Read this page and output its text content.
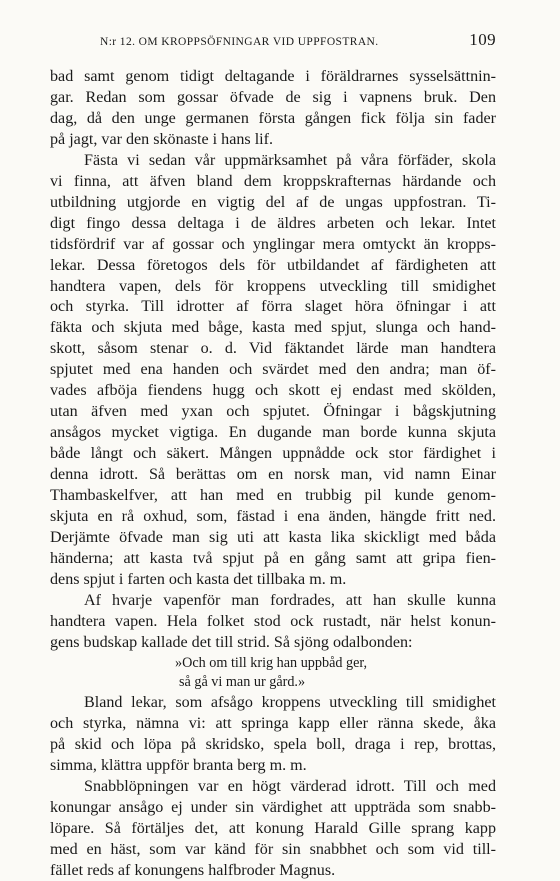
N:r 12. OM KROPPSÖFNINGAR VID UPPFOSTRAN.	109
bad samt genom tidigt deltagande i föräldrarnes sysselsättnin-
gar. Redan som gossar öfvade de sig i vapnens bruk. Den
dag, då den unge germanen första gången fick följa sin fader
på jagt, var den skönaste i hans lif.
Fästa vi sedan vår uppmärksamhet på våra förfäder, skola
vi finna, att äfven bland dem kroppskrafternas härdande och
utbildning utgjorde en vigtig del af de ungas uppfostran. Ti-
digt fingo dessa deltaga i de äldres arbeten och lekar. Intet
tidsfördrif var af gossar och ynglingar mera omtyckt än kropps-
lekar. Dessa företogos dels för utbildandet af färdigheten att
handtera vapen, dels för kroppens utveckling till smidighet
och styrka. Till idrotter af förra slaget höra öfningar i att
fäkta och skjuta med båge, kasta med spjut, slunga och hand-
skott, såsom stenar o. d. Vid fäktandet lärde man handtera
spjutet med ena handen och svärdet med den andra; man öf-
vades afböja fiendens hugg och skott ej endast med skölden,
utan äfven med yxan och spjutet. Öfningar i bågskjutning
ansågos mycket vigtiga. En dugande man borde kunna skjuta
både långt och säkert. Mången uppnådde ock stor färdighet i
denna idrott. Så berättas om en norsk man, vid namn Einar
Thambaskelfver, att han med en trubbig pil kunde genom-
skjuta en rå oxhud, som, fästad i ena änden, hängde fritt ned.
Derjämte öfvade man sig uti att kasta lika skickligt med båda
händerna; att kasta två spjut på en gång samt att gripa fien-
dens spjut i farten och kasta det tillbaka m. m.
Af hvarje vapenför man fordrades, att han skulle kunna
handtera vapen. Hela folket stod ock rustadt, när helst konun-
gens budskap kallade det till strid. Så sjöng odalbonden:
»Och om till krig han uppbåd ger,
så gå vi man ur gård.»
Bland lekar, som afsågo kroppens utveckling till smidighet
och styrka, nämna vi: att springa kapp eller ränna skede, åka
på skid och löpa på skridsko, spela boll, draga i rep, brottas,
simma, klättra uppför branta berg m. m.
Snabblöpningen var en högt värderad idrott. Till och med
konungar ansågo ej under sin värdighet att uppträda som snabb-
löpare. Så förtäljes det, att konung Harald Gille sprang kapp
med en häst, som var känd för sin snabbhet och som vid till-
fället reds af konungens halfbroder Magnus.
